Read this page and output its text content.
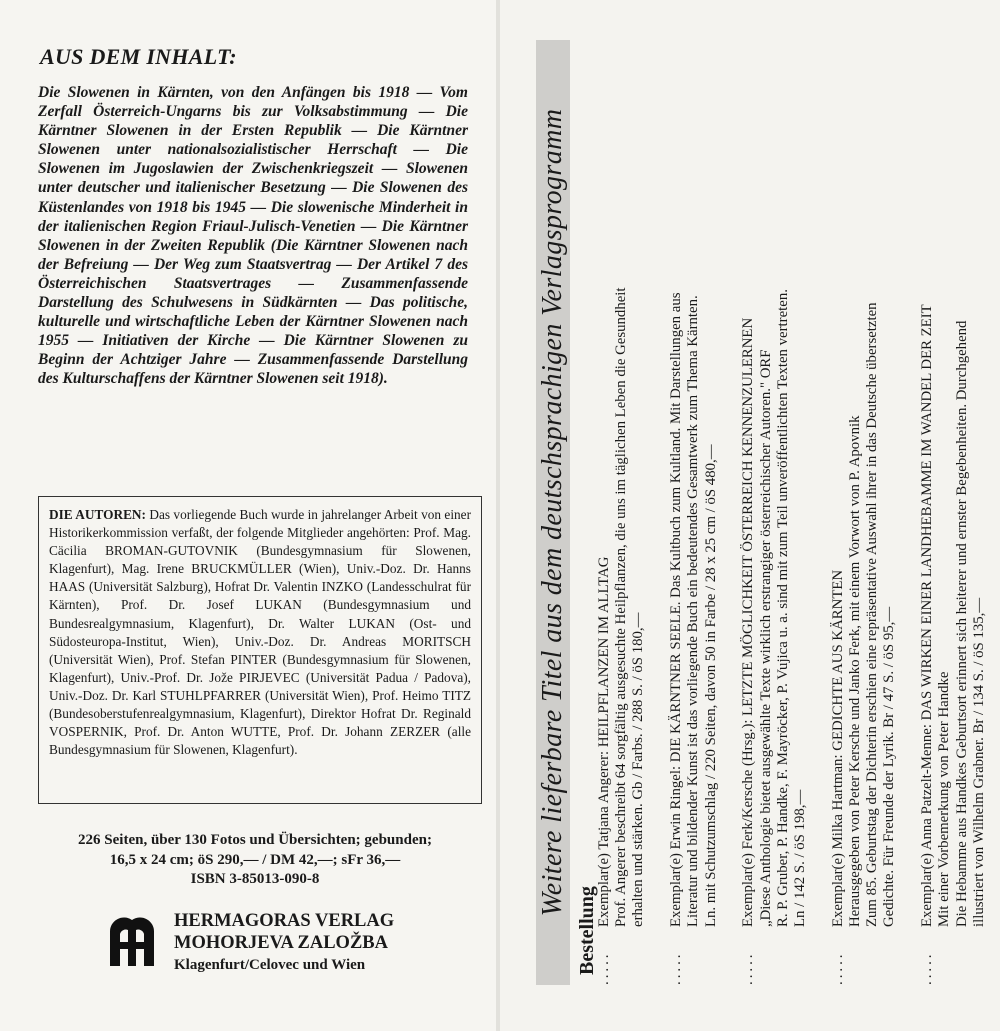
AUS DEM INHALT:

Die Slowenen in Kärnten, von den Anfängen bis 1918 — Vom Zerfall Österreich-Ungarns bis zur Volksabstimmung — Die Kärntner Slowenen in der Ersten Republik — Die Kärntner Slowenen unter nationalsozialistischer Herrschaft — Die Slowenen im Jugoslawien der Zwischenkriegszeit — Slowenen unter deutscher und italienischer Besetzung — Die Slowenen des Küstenlandes von 1918 bis 1945 — Die slowenische Minderheit in der italienischen Region Friaul-Julisch-Venetien — Die Kärntner Slowenen in der Zweiten Republik (Die Kärntner Slowenen nach der Befreiung — Der Weg zum Staatsvertrag — Der Artikel 7 des Österreichischen Staatsvertrages — Zusammenfassende Darstellung des Schulwesens in Südkärnten — Das politische, kulturelle und wirtschaftliche Leben der Kärntner Slowenen nach 1955 — Initiativen der Kirche — Die Kärntner Slowenen zu Beginn der Achtziger Jahre — Zusammenfassende Darstellung des Kulturschaffens der Kärntner Slowenen seit 1918).

DIE AUTOREN: Das vorliegende Buch wurde in jahrelanger Arbeit von einer Historikerkommission verfaßt, der folgende Mitglieder angehörten: Prof. Mag. Cäcilia BROMAN-GUTOVNIK (Bundesgymnasium für Slowenen, Klagenfurt), Mag. Irene BRUCKMÜLLER (Wien), Univ.-Doz. Dr. Hanns HAAS (Universität Salzburg), Hofrat Dr. Valentin INZKO (Landesschulrat für Kärnten), Prof. Dr. Josef LUKAN (Bundesgymnasium und Bundesrealgymnasium, Klagenfurt), Dr. Walter LUKAN (Ost- und Südosteuropa-Institut, Wien), Univ.-Doz. Dr. Andreas MORITSCH (Universität Wien), Prof. Stefan PINTER (Bundesgymnasium für Slowenen, Klagenfurt), Univ.-Prof. Dr. Jože PIRJEVEC (Universität Padua / Padova), Univ.-Doz. Dr. Karl STUHLPFARRER (Universität Wien), Prof. Heimo TITZ (Bundesoberstufenrealgymnasium, Klagenfurt), Direktor Hofrat Dr. Reginald VOSPERNIK, Prof. Dr. Anton WUTTE, Prof. Dr. Johann ZERZER (alle Bundesgymnasium für Slowenen, Klagenfurt).
226 Seiten, über 130 Fotos und Übersichten; gebunden;
16,5 x 24 cm; öS 290,— / DM 42,—; sFr 36,—
ISBN 3-85013-090-8
HERMAGORAS VERLAG
MOHORJEVA ZALOŽBA
Klagenfurt/Celovec und Wien
Weitere lieferbare Titel aus dem deutschsprachigen Verlagsprogramm
Bestellung
.....
Exemplar(e) Tatjana Angerer: HEILPFLANZEN IM ALLTAG Prof. Angerer beschreibt 64 sorgfältig ausgesuchte Heilpflanzen, die uns im täglichen Leben die Gesundheit erhalten und stärken. Gb / Farbs. / 288 S. / öS 180,—
.....
Exemplar(e) Erwin Ringel: DIE KÄRNTNER SEELE. Das Kultbuch zum Kultland. Mit Darstellungen aus Literatur und bildender Kunst ist das vorliegende Buch ein bedeutendes Gesamtwerk zum Thema Kärnten. Ln. mit Schutzumschlag / 220 Seiten, davon 50 in Farbe / 28 x 25 cm / öS 480,—
.....
Exemplar(e) Ferk/Kersche (Hrsg.): LETZTE MÖGLICHKEIT ÖSTERREICH KENNENZULERNEN „Diese Anthologie bietet ausgewählte Texte wirklich erstrangiger österreichischer Autoren." ORF R. P. Gruber, P. Handke, F. Mayröcker, P. Vujica u. a. sind mit zum Teil unveröffentlichten Texten vertreten. Ln / 142 S. / öS 198,—
.....
Exemplar(e) Milka Hartman: GEDICHTE AUS KÄRNTEN Herausgegeben von Peter Kersche und Janko Ferk, mit einem Vorwort von P. Apovnik Zum 85. Geburtstag der Dichterin erschien eine repräsentative Auswahl ihrer in das Deutsche übersetzten Gedichte. Für Freunde der Lyrik. Br / 47 S. / öS 95,—
.....
Exemplar(e) Anna Patzelt-Menne: DAS WIRKEN EINER LANDHEBAMME IM WANDEL DER ZEIT Mit einer Vorbemerkung von Peter Handke Die Hebamme aus Handkes Geburtsort erinnert sich heiterer und ernster Begebenheiten. Durchgehend illustriert von Wilhelm Grabner. Br / 134 S. / öS 135,—
